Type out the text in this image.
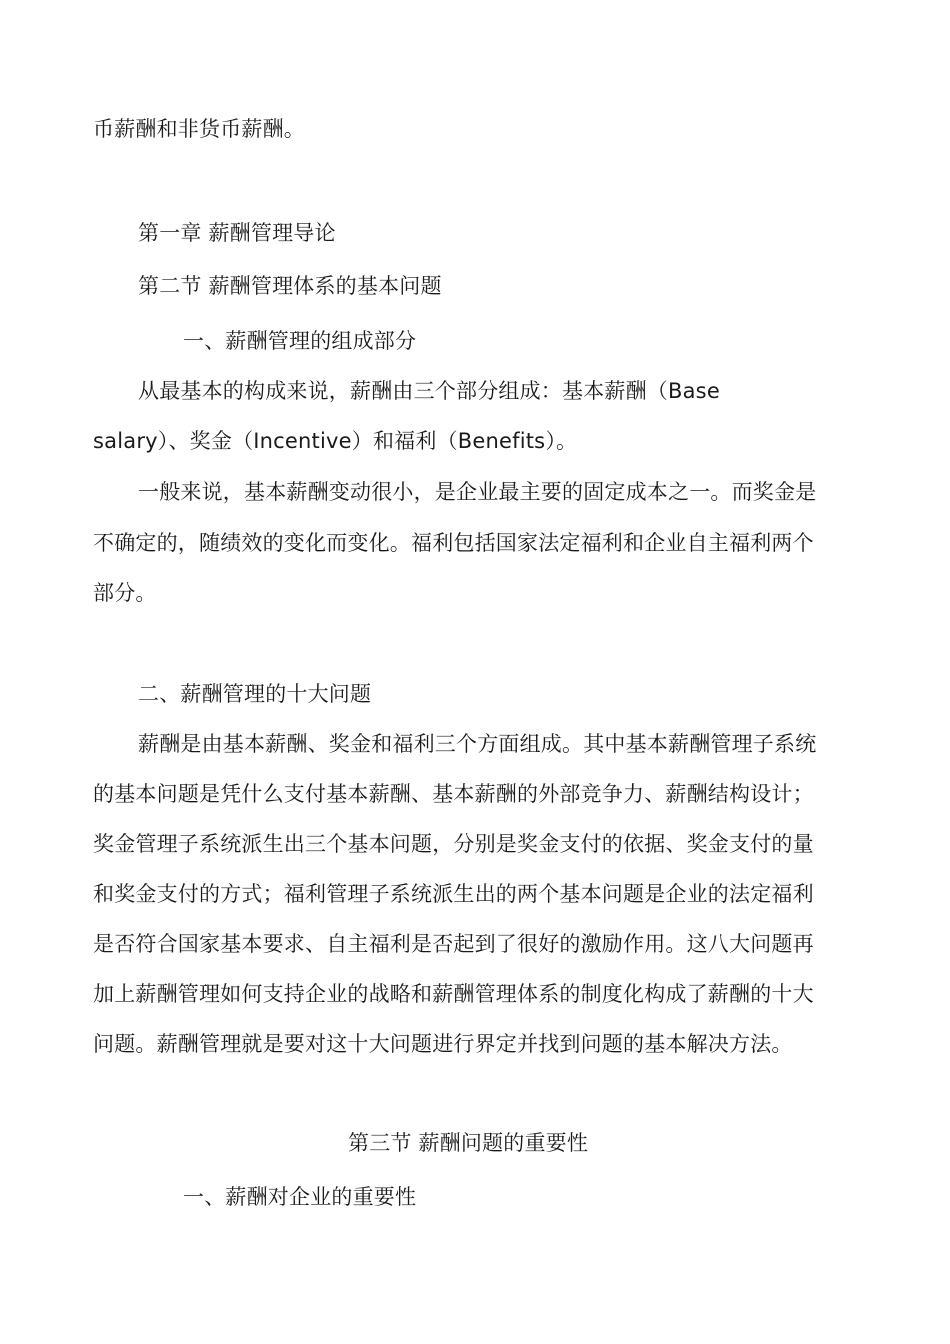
币薪酬和非货币薪酬。
第一章 薪酬管理导论
第二节 薪酬管理体系的基本问题
一、薪酬管理的组成部分
从最基本的构成来说，薪酬由三个部分组成：基本薪酬（Base
salary）、奖金（Incentive）和福利（Benefits）。
一般来说，基本薪酬变动很小，是企业最主要的固定成本之一。而奖金是
不确定的，随绩效的变化而变化。福利包括国家法定福利和企业自主福利两个
部分。
二、薪酬管理的十大问题
薪酬是由基本薪酬、奖金和福利三个方面组成。其中基本薪酬管理子系统
的基本问题是凭什么支付基本薪酬、基本薪酬的外部竞争力、薪酬结构设计；
奖金管理子系统派生出三个基本问题，分别是奖金支付的依据、奖金支付的量
和奖金支付的方式；福利管理子系统派生出的两个基本问题是企业的法定福利
是否符合国家基本要求、自主福利是否起到了很好的激励作用。这八大问题再
加上薪酬管理如何支持企业的战略和薪酬管理体系的制度化构成了薪酬的十大
问题。薪酬管理就是要对这十大问题进行界定并找到问题的基本解决方法。
第三节 薪酬问题的重要性
一、薪酬对企业的重要性
